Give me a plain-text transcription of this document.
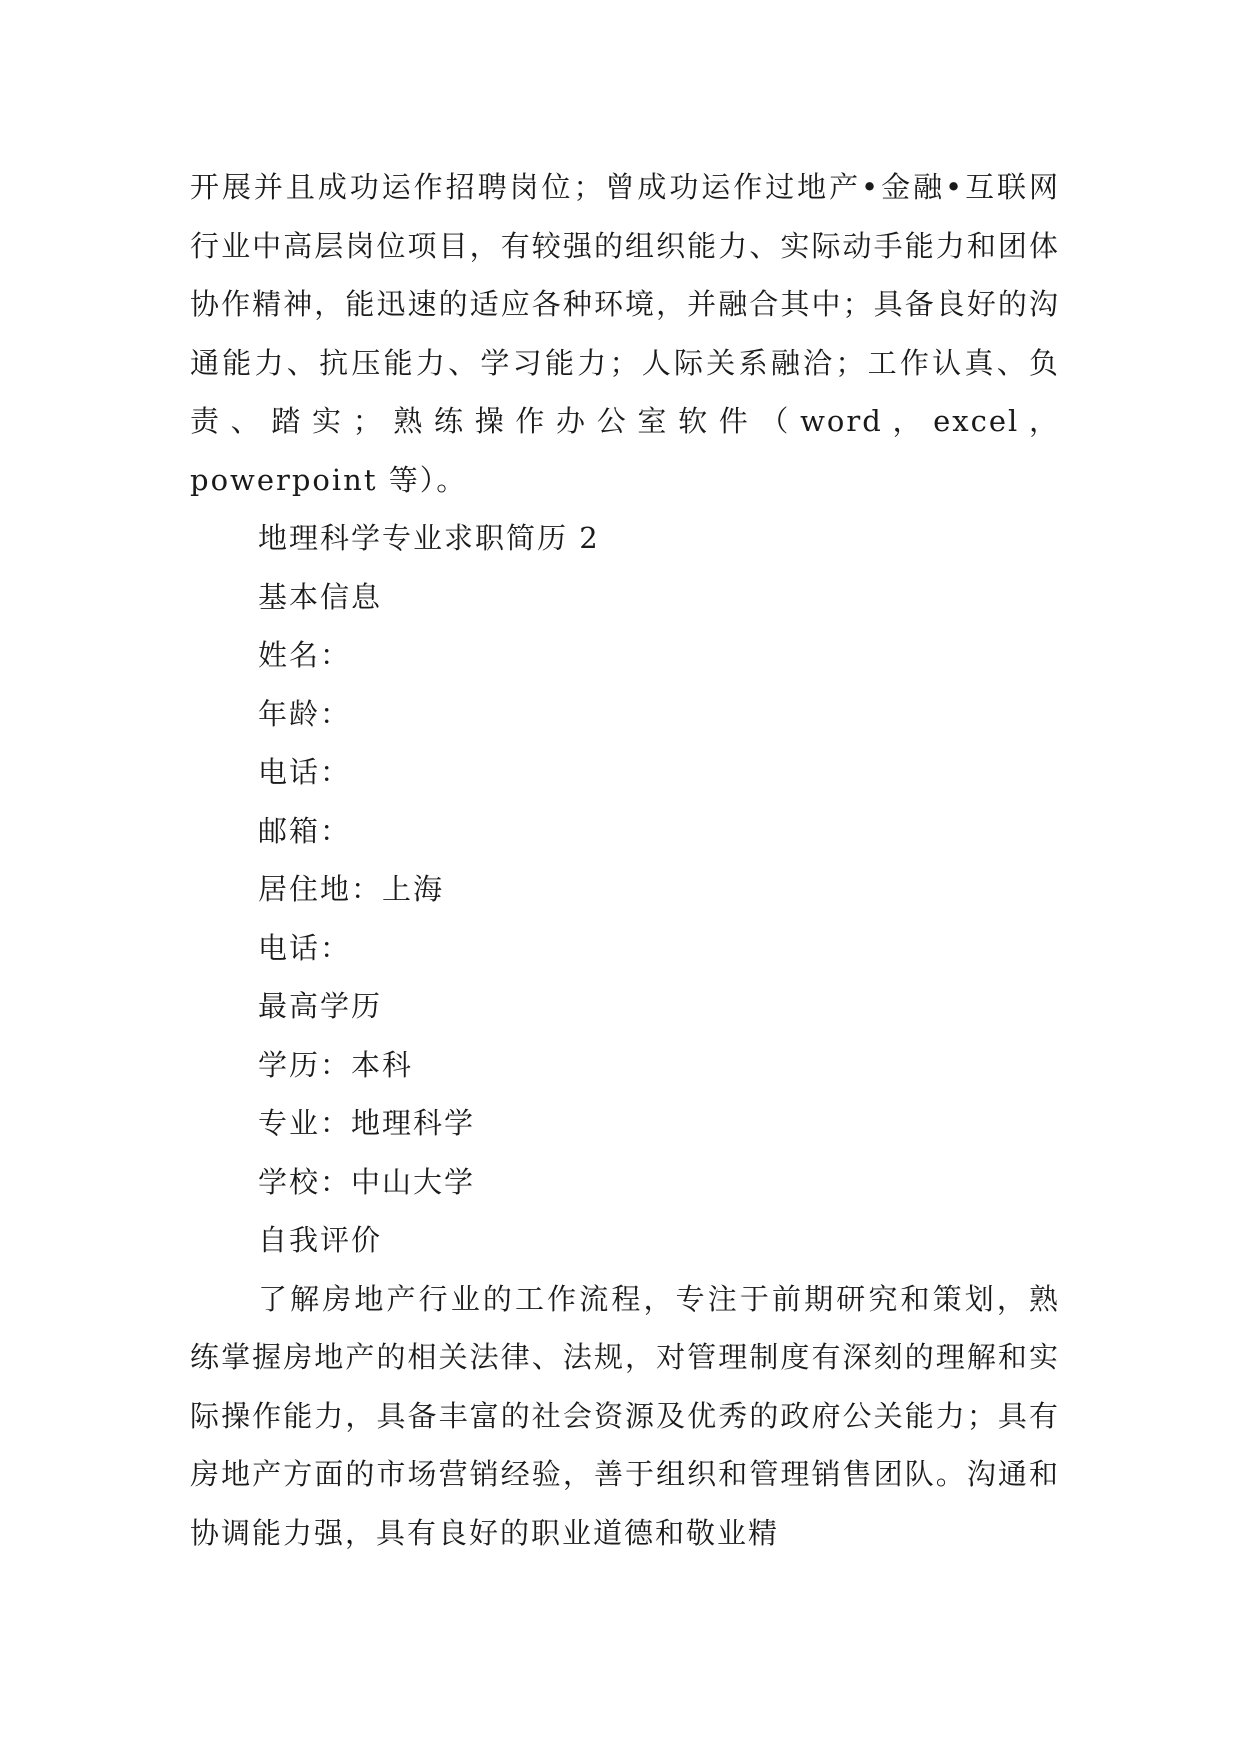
开展并且成功运作招聘岗位；曾成功运作过地产•金融•互联网行业中高层岗位项目，有较强的组织能力、实际动手能力和团体协作精神，能迅速的适应各种环境，并融合其中；具备良好的沟通能力、抗压能力、学习能力；人际关系融洽；工作认真、负责、踏实；熟练操作办公室软件（word，excel，powerpoint 等）。

地理科学专业求职简历 2

基本信息

姓名：

年龄：

电话：

邮箱：

居住地：上海

电话：

最高学历

学历：本科

专业：地理科学

学校：中山大学

自我评价

了解房地产行业的工作流程，专注于前期研究和策划，熟练掌握房地产的相关法律、法规，对管理制度有深刻的理解和实际操作能力，具备丰富的社会资源及优秀的政府公关能力；具有房地产方面的市场营销经验，善于组织和管理销售团队。沟通和协调能力强，具有良好的职业道德和敬业精
